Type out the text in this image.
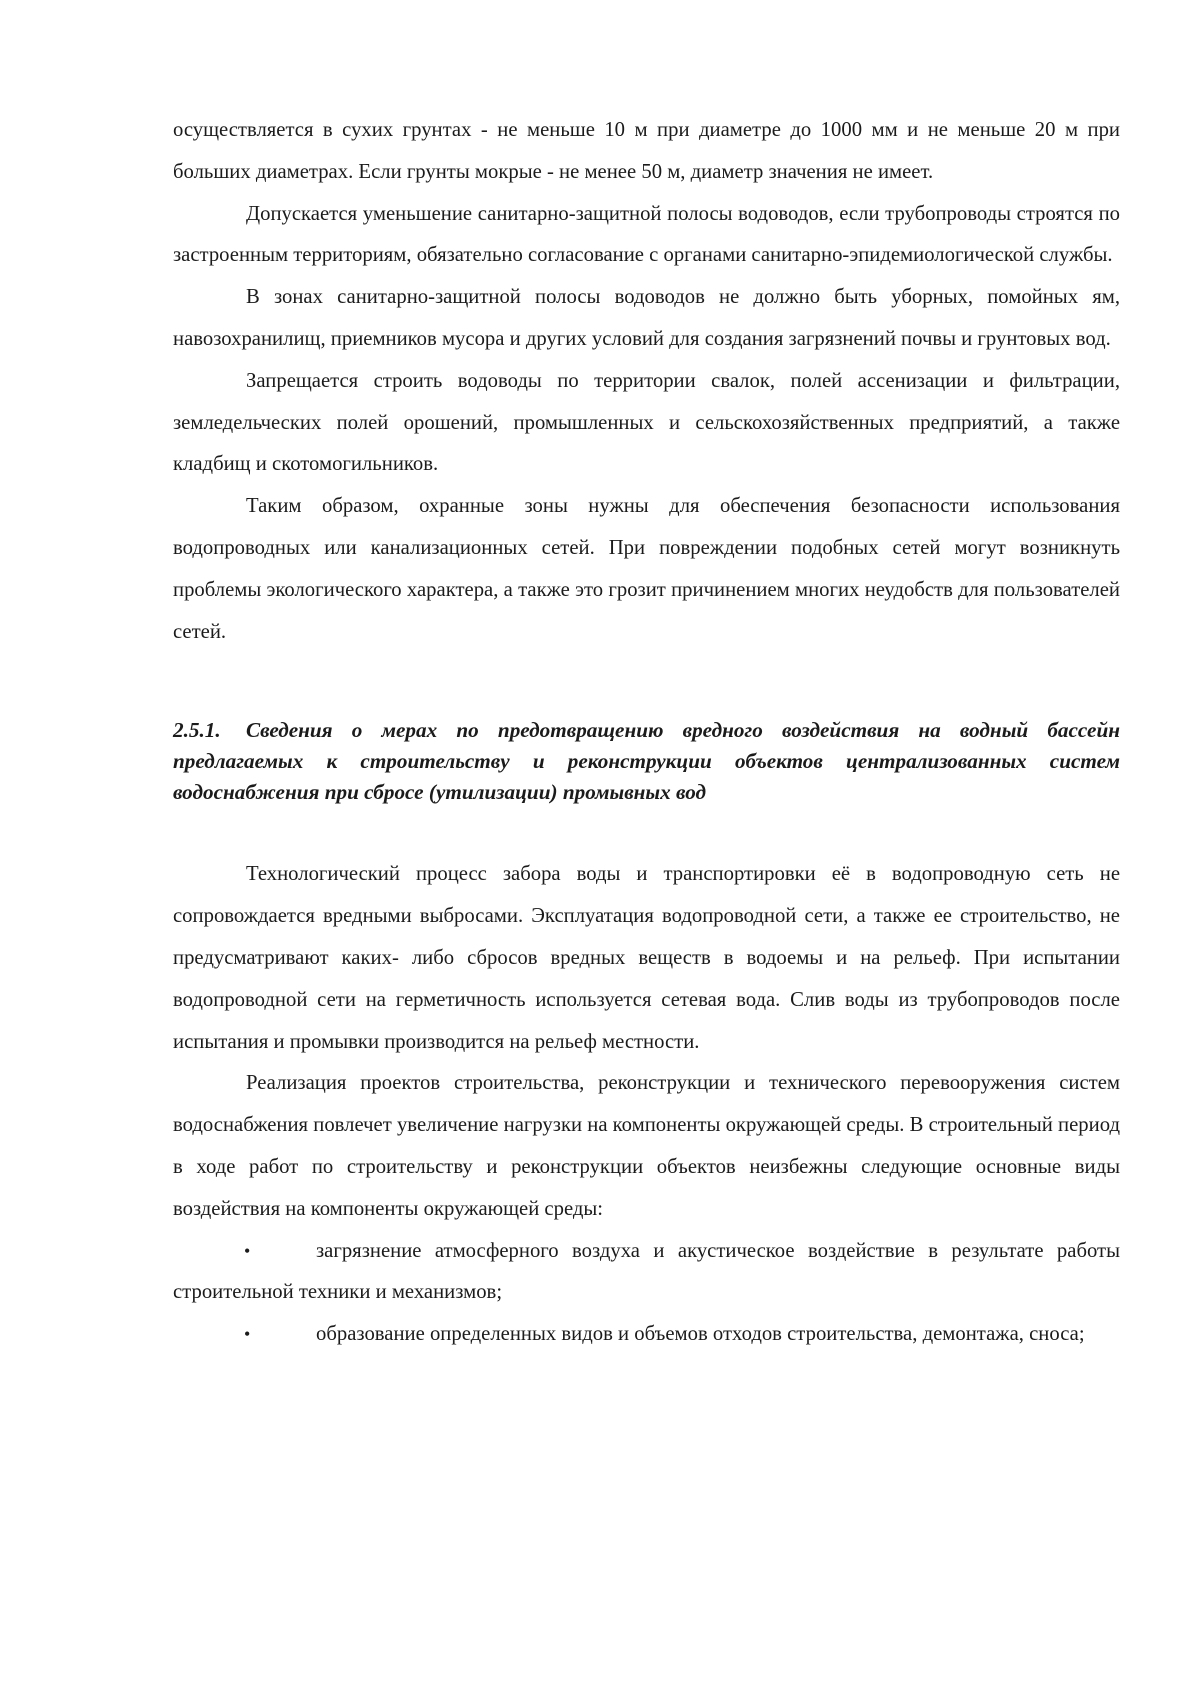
осуществляется в сухих грунтах - не меньше 10 м при диаметре до 1000 мм и не меньше 20 м при больших диаметрах. Если грунты мокрые - не менее 50 м, диаметр значения не имеет.

Допускается уменьшение санитарно-защитной полосы водоводов, если трубопроводы строятся по застроенным территориям, обязательно согласование с органами санитарно-эпидемиологической службы.

В зонах санитарно-защитной полосы водоводов не должно быть уборных, помойных ям, навозохранилищ, приемников мусора и других условий для создания загрязнений почвы и грунтовых вод.

Запрещается строить водоводы по территории свалок, полей ассенизации и фильтрации, земледельческих полей орошений, промышленных и сельскохозяйственных предприятий, а также кладбищ и скотомогильников.

Таким образом, охранные зоны нужны для обеспечения безопасности использования водопроводных или канализационных сетей. При повреждении подобных сетей могут возникнуть проблемы экологического характера, а также это грозит причинением многих неудобств для пользователей сетей.

2.5.1. Сведения о мерах по предотвращению вредного воздействия на водный бассейн предлагаемых к строительству и реконструкции объектов централизованных систем водоснабжения при сбросе (утилизации) промывных вод

Технологический процесс забора воды и транспортировки её в водопроводную сеть не сопровождается вредными выбросами. Эксплуатация водопроводной сети, а также ее строительство, не предусматривают каких- либо сбросов вредных веществ в водоемы и на рельеф. При испытании водопроводной сети на герметичность используется сетевая вода. Слив воды из трубопроводов после испытания и промывки производится на рельеф местности.

Реализация проектов строительства, реконструкции и технического перевооружения систем водоснабжения повлечет увеличение нагрузки на компоненты окружающей среды. В строительный период в ходе работ по строительству и реконструкции объектов неизбежны следующие основные виды воздействия на компоненты окружающей среды:

•	загрязнение атмосферного воздуха и акустическое воздействие в результате работы строительной техники и механизмов;

•	образование определенных видов и объемов отходов строительства, демонтажа, сноса;
